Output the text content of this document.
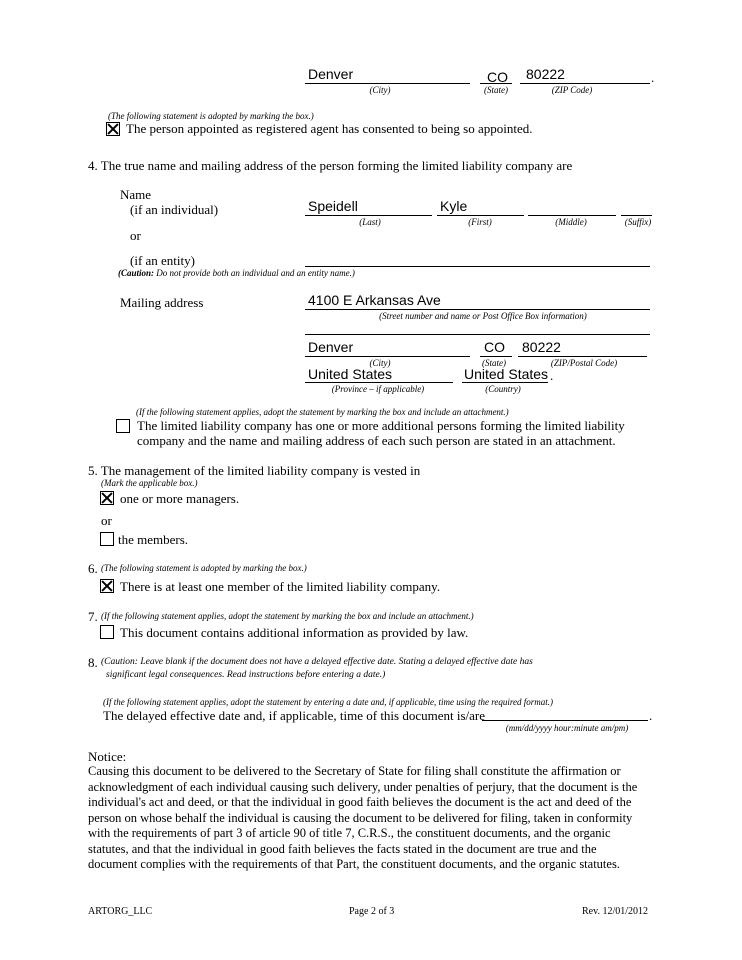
Denver	CO 80222	.
(City)	(State)	(ZIP Code)
(The following statement is adopted by marking the box.)
The person appointed as registered agent has consented to being so appointed.
4. The true name and mailing address of the person forming the limited liability company are
Name
(if an individual)
or
(if an entity)
(Caution: Do not provide both an individual and an entity name.)
Speidell	Kyle
(Last)	(First)	(Middle)	(Suffix)
Mailing address	4100 E Arkansas Ave
(Street number and name or Post Office Box information)
Denver	CO 80222
(City)	(State)	(ZIP/Postal Code)
United States	United States .
(Province – if applicable)	(Country)
(If the following statement applies, adopt the statement by marking the box and include an attachment.)
The limited liability company has one or more additional persons forming the limited liability
company and the name and mailing address of each such person are stated in an attachment.
5. The management of the limited liability company is vested in
(Mark the applicable box.)
one or more managers.
or
the members.
6. (The following statement is adopted by marking the box.)
There is at least one member of the limited liability company.
7. (If the following statement applies, adopt the statement by marking the box and include an attachment.)
This document contains additional information as provided by law.
8. (Caution: Leave blank if the document does not have a delayed effective date. Stating a delayed effective date has
significant legal consequences. Read instructions before entering a date.)
(If the following statement applies, adopt the statement by entering a date and, if applicable, time using the required format.)
The delayed effective date and, if applicable, time of this document is/are	.
(mm/dd/yyyy hour:minute am/pm)
Notice:
Causing this document to be delivered to the Secretary of State for filing shall constitute the affirmation or
acknowledgment of each individual causing such delivery, under penalties of perjury, that the document is the
individual's act and deed, or that the individual in good faith believes the document is the act and deed of the
person on whose behalf the individual is causing the document to be delivered for filing, taken in conformity
with the requirements of part 3 of article 90 of title 7, C.R.S., the constituent documents, and the organic
statutes, and that the individual in good faith believes the facts stated in the document are true and the
document complies with the requirements of that Part, the constituent documents, and the organic statutes.
ARTORG_LLC	Page 2 of 3	Rev. 12/01/2012
